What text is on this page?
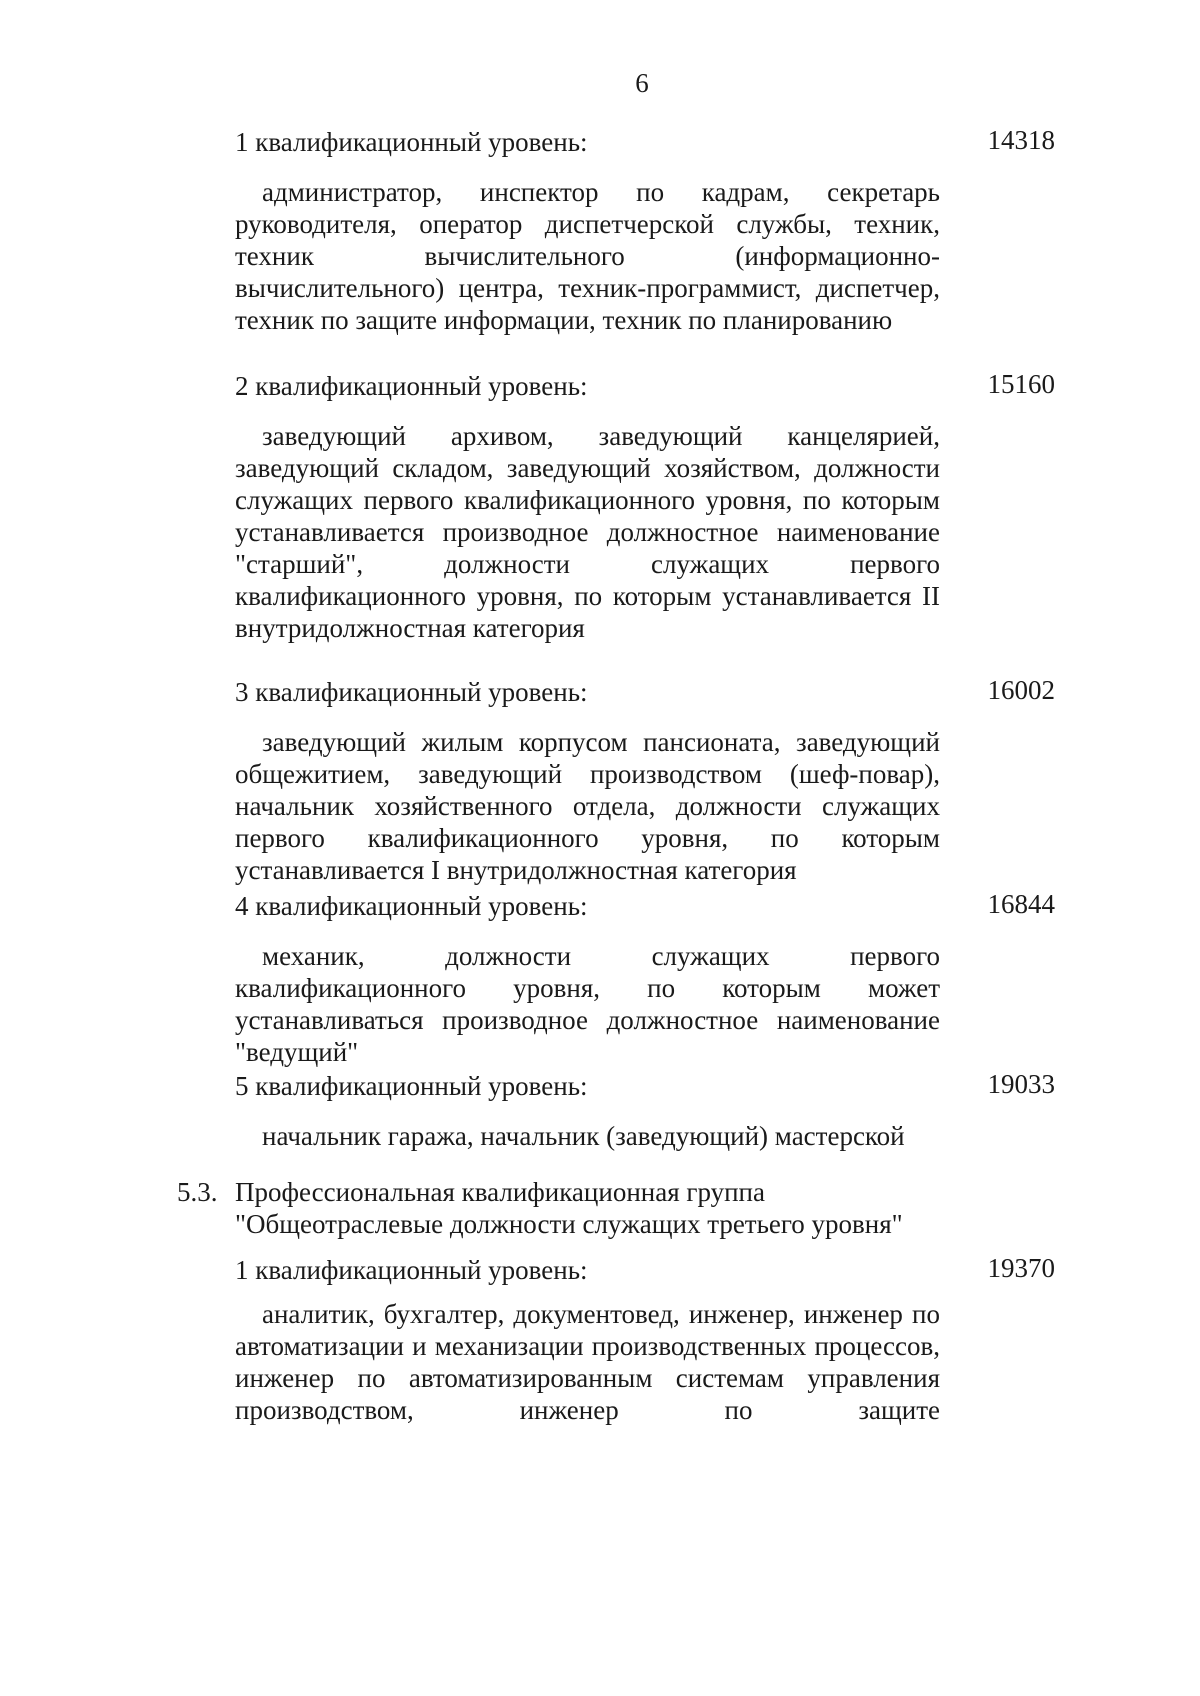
6
1 квалификационный уровень:	14318
администратор, инспектор по кадрам, секретарь руководителя, оператор диспетчерской службы, техник, техник вычислительного (информационно-вычислительного) центра, техник-программист, диспетчер, техник по защите информации, техник по планированию
2 квалификационный уровень:	15160
заведующий архивом, заведующий канцелярией, заведующий складом, заведующий хозяйством, должности служащих первого квалификационного уровня, по которым устанавливается производное должностное наименование "старший", должности служащих первого квалификационного уровня, по которым устанавливается II внутридолжностная категория
3 квалификационный уровень:	16002
заведующий жилым корпусом пансионата, заведующий общежитием, заведующий производством (шеф-повар), начальник хозяйственного отдела, должности служащих первого квалификационного уровня, по которым устанавливается I внутридолжностная категория
4 квалификационный уровень:	16844
механик, должности служащих первого квалификационного уровня, по которым может устанавливаться производное должностное наименование "ведущий"
5 квалификационный уровень:	19033
начальник гаража, начальник (заведующий) мастерской
5.3. Профессиональная квалификационная группа
"Общеотраслевые должности служащих третьего уровня"
1 квалификационный уровень:	19370
аналитик, бухгалтер, документовед, инженер, инженер по автоматизации и механизации производственных процессов, инженер по автоматизированным системам управления производством, инженер по защите
